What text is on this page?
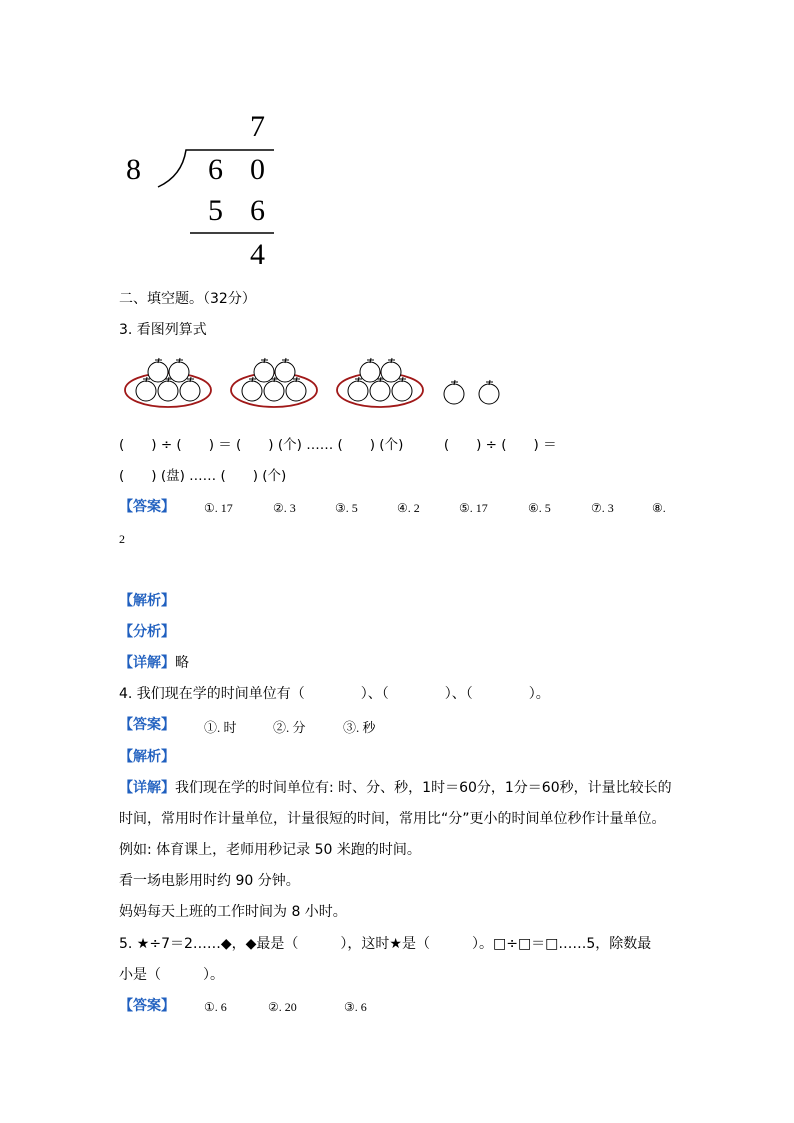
7
8 6 0
5 6
4
二、填空题。（32分）
3. 看图列算式
(　　) ÷ (　　) ＝ (　　) (个) …… (　　) (个)　　　(　　) ÷ (　　) ＝
(　　) (盘) …… (　　) (个)
【答案】 ①. 17	②. 3	③. 5	④. 2	⑤. 17	⑥. 5	⑦. 3	⑧.
2
【解析】
【分析】
【详解】略
4. 我们现在学的时间单位有（　　　　）、（　　　　）、（　　　　）。
【答案】 ①. 时	②. 分	③. 秒
【解析】
【详解】我们现在学的时间单位有: 时、分、秒，1时＝60分，1分＝60秒，计量比较长的
时间，常用时作计量单位，计量很短的时间，常用比“分”更小的时间单位秒作计量单位。
例如: 体育课上，老师用秒记录 50 米跑的时间。
看一场电影用时约 90 分钟。
妈妈每天上班的工作时间为 8 小时。
5. ★÷7＝2……◆，◆最是（　　　），这时★是（　　　）。□÷□＝□……5，除数最
小是（　　　）。
【答案】 ①. 6	②. 20	③. 6
